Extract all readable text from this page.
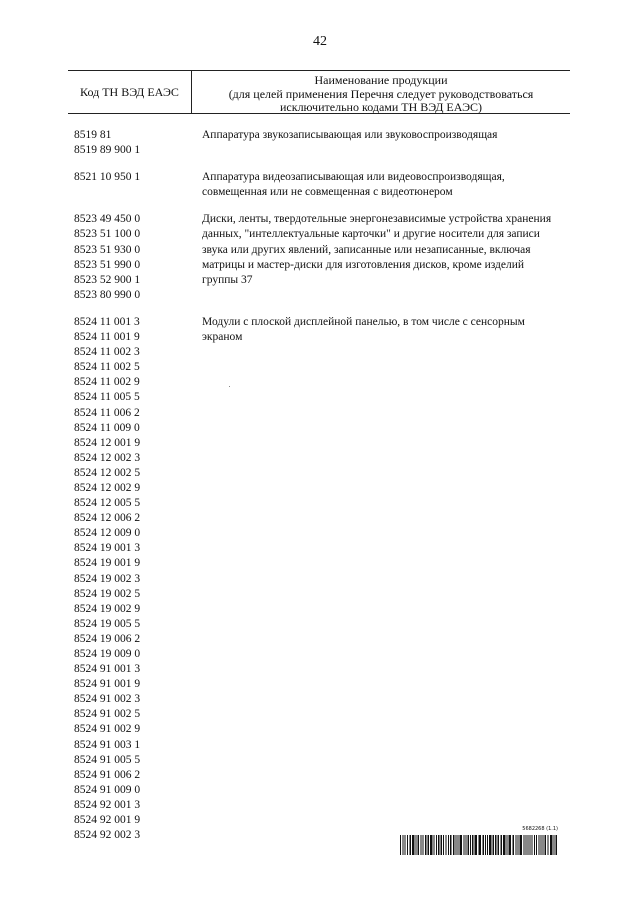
42
Код ТН ВЭД ЕАЭС
Наименование продукции
(для целей применения Перечня следует руководствоваться
исключительно кодами ТН ВЭД ЕАЭС)
8519 81
8519 89 900 1
Аппаратура звукозаписывающая или звуковоспроизводящая
8521 10 950 1	Аппаратура видеозаписывающая или видеовоспроизводящая, совмещенная или не совмещенная с видеотюнером
8523 49 450 0
8523 51 100 0
8523 51 930 0
8523 51 990 0
8523 52 900 1
8523 80 990 0
Диски, ленты, твердотельные энергонезависимые устройства хранения данных, "интеллектуальные карточки" и другие носители для записи звука или других явлений, записанные или незаписанные, включая матрицы и мастер-диски для изготовления дисков, кроме изделий группы 37
8524 11 001 3
8524 11 001 9
8524 11 002 3
8524 11 002 5
8524 11 002 9
8524 11 005 5
8524 11 006 2
8524 11 009 0
8524 12 001 9
8524 12 002 3
8524 12 002 5
8524 12 002 9
8524 12 005 5
8524 12 006 2
8524 12 009 0
8524 19 001 3
8524 19 001 9
8524 19 002 3
8524 19 002 5
8524 19 002 9
8524 19 005 5
8524 19 006 2
8524 19 009 0
8524 91 001 3
8524 91 001 9
8524 91 002 3
8524 91 002 5
8524 91 002 9
8524 91 003 1
8524 91 005 5
8524 91 006 2
8524 91 009 0
8524 92 001 3
8524 92 001 9
8524 92 002 3
Модули с плоской дисплейной панелью, в том числе с сенсорным экраном
5682268 (1.1)
